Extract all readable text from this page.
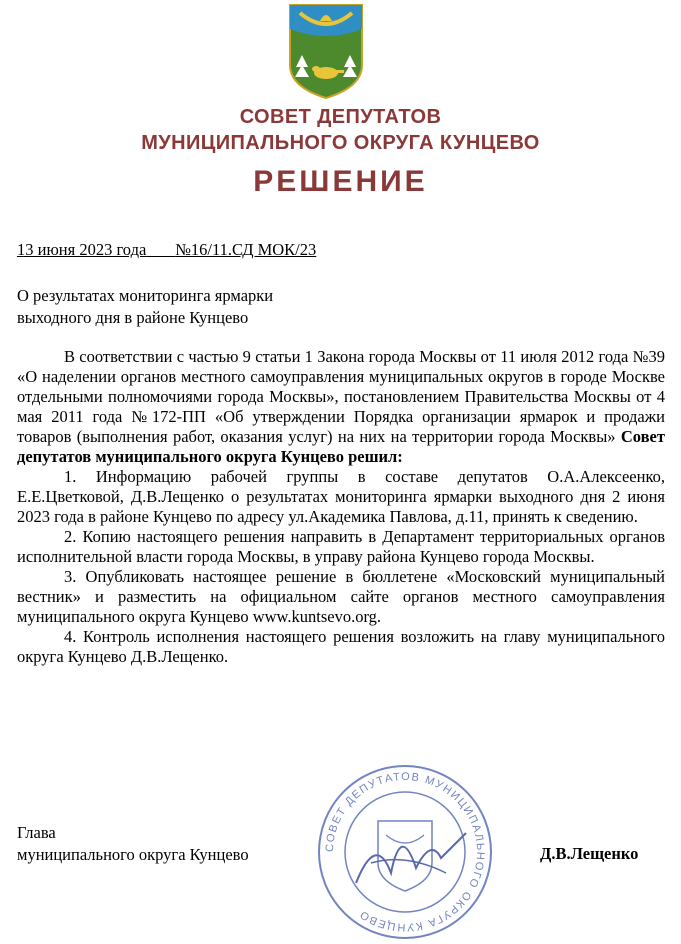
СОВЕТ ДЕПУТАТОВ
МУНИЦИПАЛЬНОГО ОКРУГА КУНЦЕВО
РЕШЕНИЕ
13 июня 2023 года №16/11.СД МОК/23
О результатах мониторинга ярмарки
выходного дня в районе Кунцево

В соответствии с частью 9 статьи 1 Закона города Москвы от 11 июля 2012 года №39 «О наделении органов местного самоуправления муниципальных округов в городе Москве отдельными полномочиями города Москвы», постановлением Правительства Москвы от 4 мая 2011 года №172-ПП «Об утверждении Порядка организации ярмарок и продажи товаров (выполнения работ, оказания услуг) на них на территории города Москвы» Совет депутатов муниципального округа Кунцево решил:

1. Информацию рабочей группы в составе депутатов О.А.Алексеенко, Е.Е.Цветковой, Д.В.Лещенко о результатах мониторинга ярмарки выходного дня 2 июня 2023 года в районе Кунцево по адресу ул.Академика Павлова, д.11, принять к сведению.

2. Копию настоящего решения направить в Департамент территориальных органов исполнительной власти города Москвы, в управу района Кунцево города Москвы.

3. Опубликовать настоящее решение в бюллетене «Московский муниципальный вестник» и разместить на официальном сайте органов местного самоуправления муниципального округа Кунцево www.kuntsevo.org.

4. Контроль исполнения настоящего решения возложить на главу муниципального округа Кунцево Д.В.Лещенко.

СОВЕТ ДЕПУТАТОВ МУНИЦИПАЛЬНОГО ОКРУГА КУНЦЕВО
Глава
муниципального округа Кунцево	Д.В.Лещенко
